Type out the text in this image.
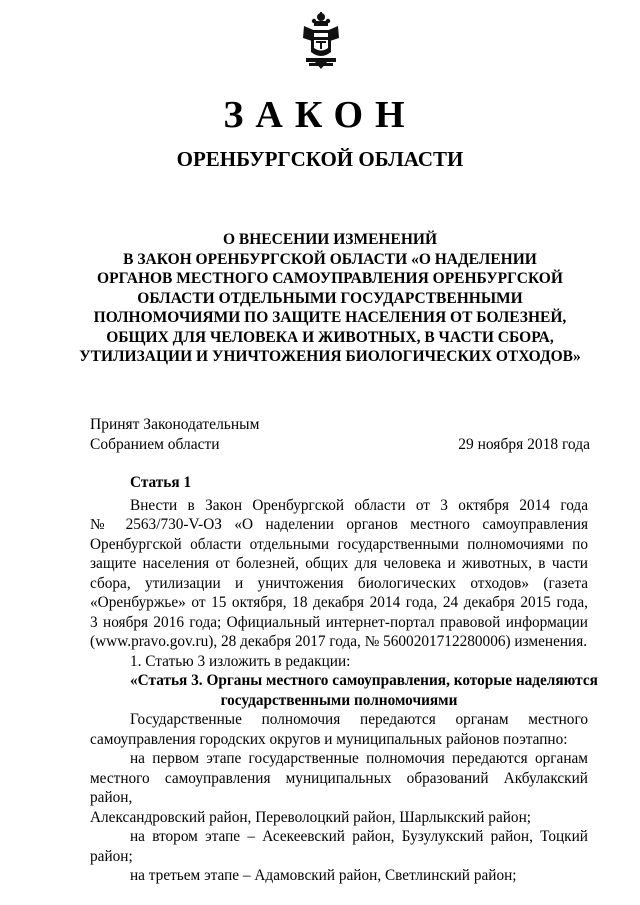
ЗАКОН
ОРЕНБУРГСКОЙ ОБЛАСТИ
О ВНЕСЕНИИ ИЗМЕНЕНИЙ
В ЗАКОН ОРЕНБУРГСКОЙ ОБЛАСТИ «О НАДЕЛЕНИИ
ОРГАНОВ МЕСТНОГО САМОУПРАВЛЕНИЯ ОРЕНБУРГСКОЙ
ОБЛАСТИ ОТДЕЛЬНЫМИ ГОСУДАРСТВЕННЫМИ
ПОЛНОМОЧИЯМИ ПО ЗАЩИТЕ НАСЕЛЕНИЯ ОТ БОЛЕЗНЕЙ,
ОБЩИХ ДЛЯ ЧЕЛОВЕКА И ЖИВОТНЫХ, В ЧАСТИ СБОРА,
УТИЛИЗАЦИИ И УНИЧТОЖЕНИЯ БИОЛОГИЧЕСКИХ ОТХОДОВ»
Принят Законодательным
Собранием области	29 ноября 2018 года
Статья 1
Внести в Закон Оренбургской области от 3 октября 2014 года
№ 2563/730-V-ОЗ «О наделении органов местного самоуправления
Оренбургской области отдельными государственными полномочиями по
защите населения от болезней, общих для человека и животных, в части
сбора, утилизации и уничтожения биологических отходов» (газета
«Оренбуржье» от 15 октября, 18 декабря 2014 года, 24 декабря 2015 года,
3 ноября 2016 года; Официальный интернет-портал правовой информации
(www.pravo.gov.ru), 28 декабря 2017 года, № 5600201712280006) изменения.
1. Статью 3 изложить в редакции:
«Статья 3. Органы местного самоуправления, которые наделяются
государственными полномочиями
Государственные полномочия передаются органам местного
самоуправления городских округов и муниципальных районов поэтапно:
на первом этапе государственные полномочия передаются органам
местного самоуправления муниципальных образований Акбулакский район,
Александровский район, Переволоцкий район, Шарлыкский район;
на втором этапе – Асекеевский район, Бузулукский район, Тоцкий
район;
на третьем этапе – Адамовский район, Светлинский район;
